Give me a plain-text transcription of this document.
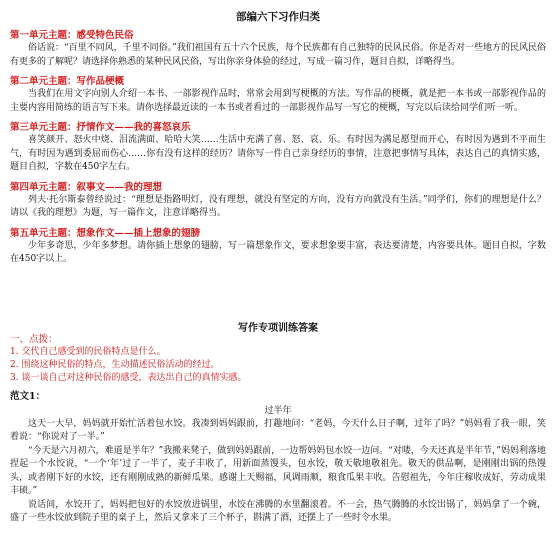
部编六下习作归类
第一单元主题：感受特色民俗
俗话说：“百里不同风，千里不同俗。”我们祖国有五十六个民族，每个民族都有自己独特的民风民俗。你是否对一些地方的民风民俗有更多的了解呢？请选择你熟悉的某种民风民俗，写出你亲身体验的经过，写成一篇习作，题目自拟，详略得当。
第二单元主题：写作品梗概
当我们在用文字向别人介绍一本书、一部影视作品时，常常会用到写梗概的方法。写作品的梗概，就是把一本书或一部影视作品的主要内容用简练的语言写下来。请你选择最近读的一本书或者看过的一部影视作品写一写它的梗概，写完以后读给同学们听一听。
第三单元主题：抒情作文——我的喜怒哀乐
喜笑颜开、怒火中烧、泪流满面、哈哈大笑……生活中充满了喜、怒、哀、乐。有时因为满足愿望而开心，有时因为遇到不平而生气，有时因为遇到委屈而伤心……你有没有这样的经历？请你写一件自己亲身经历的事情，注意把事情写具体，表达自己的真情实感，题目自拟，字数在450字左右。
第四单元主题：叙事文——我的理想
列夫·托尔斯泰曾经说过：“理想是指路明灯，没有理想，就没有坚定的方向，没有方向就没有生活。”同学们，你们的理想是什么？请以《我的理想》为题，写一篇作文，注意详略得当。
第五单元主题：想象作文——插上想象的翅膀
少年多奇思，少年多梦想。请你插上想象的翅膀，写一篇想象作文，要求想象要丰富，表达要清楚，内容要具体。题目自拟，字数在450字以上。
写作专项训练答案
一、点拨：
1. 交代自己感受到的民俗特点是什么。
2. 围绕这种民俗的特点，生动描述民俗活动的经过。
3. 谈一谈自己对这种民俗的感受，表达出自己的真情实感。
范文1：
过半年
这天一大早，妈妈就开始忙活着包水饺。我凑到妈妈跟前，打趣地问：“老妈，今天什么日子啊，过年了吗？”妈妈看了我一眼，笑着说：“你说对了一半。”
“今天是六月初六，难道是半年？”我搬来凳子，做到妈妈跟前，一边帮妈妈包水饺一边问。“对喽，今天还真是半年节，”妈妈利落地捏起一个水饺说，“一个‘年’过了一半了，麦子丰收了，用新面蒸馒头，包水饺，敬天敬地敬祖先。敬天的供品啊，是刚刚出锅的热馒头，或者刚下好的水饺，还有刚刚成熟的新鲜瓜果。感谢上天赐福，风调雨顺，粮食瓜果丰收。告慰祖先，今年庄稼收成好，劳动成果丰硕。”
说话间，水饺开了，妈妈把包好的水饺放进锅里，水饺在沸腾的水里翻滚着。不一会，热气腾腾的水饺出锅了，妈妈拿了一个碗，盛了一些水饺放到院子里的桌子上，然后又拿来了三个杯子，斟满了酒，还摆上了一些时令水果。
